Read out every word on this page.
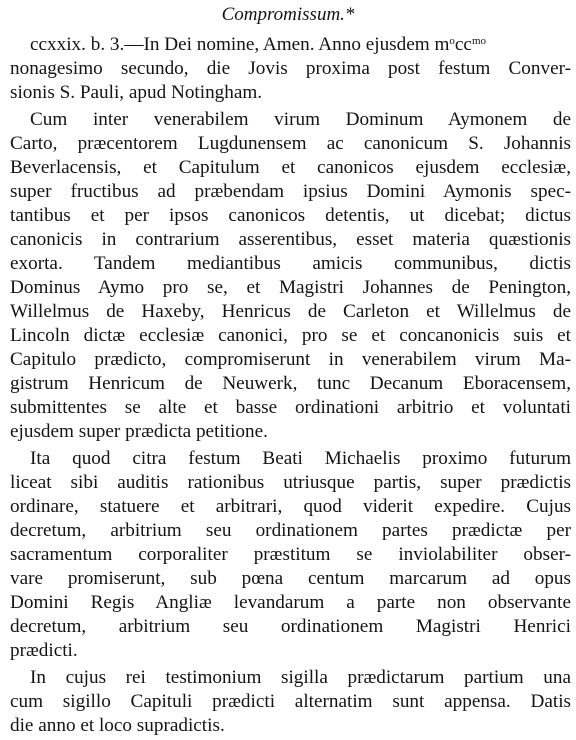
Compromissum.*
ccxxix. b. 3.—In Dei nomine, Amen. Anno ejusdem $m^occ^{mo}$
nonagesimo secundo, die Jovis proxima post festum Conver-
sionis S. Pauli, apud Notingham.
Cum inter venerabilem virum Dominum Aymonem de
Carto, præcentorem Lugdunensem ac canonicum S. Johannis
Beverlacensis, et Capitulum et canonicos ejusdem ecclesiæ,
super fructibus ad præbendam ipsius Domini Aymonis spec-
tantibus et per ipsos canonicos detentis, ut dicebat; dictus
canonicis in contrarium asserentibus, esset materia quæstionis
exorta. Tandem mediantibus amicis communibus, dictis
Dominus Aymo pro se, et Magistri Johannes de Penington,
Willelmus de Haxeby, Henricus de Carleton et Willelmus de
Lincoln dictæ ecclesiæ canonici, pro se et concanonicis suis et
Capitulo prædicto, compromiserunt in venerabilem virum Ma-
gistrum Henricum de Neuwerk, tunc Decanum Eboracensem,
submittentes se alte et basse ordinationi arbitrio et voluntati
ejusdem super prædicta petitione.
Ita quod citra festum Beati Michaelis proximo futurum
liceat sibi auditis rationibus utriusque partis, super prædictis
ordinare, statuere et arbitrari, quod viderit expedire. Cujus
decretum, arbitrium seu ordinationem partes prædictæ per
sacramentum corporaliter præstitum se inviolabiliter obser-
vare promiserunt, sub pœna centum marcarum ad opus
Domini Regis Angliæ levandarum a parte non observante
decretum, arbitrium seu ordinationem Magistri Henrici
prædicti.
In cujus rei testimonium sigilla prædictarum partium una
cum sigillo Capituli prædicti alternatim sunt appensa. Datis
die anno et loco supradictis.
